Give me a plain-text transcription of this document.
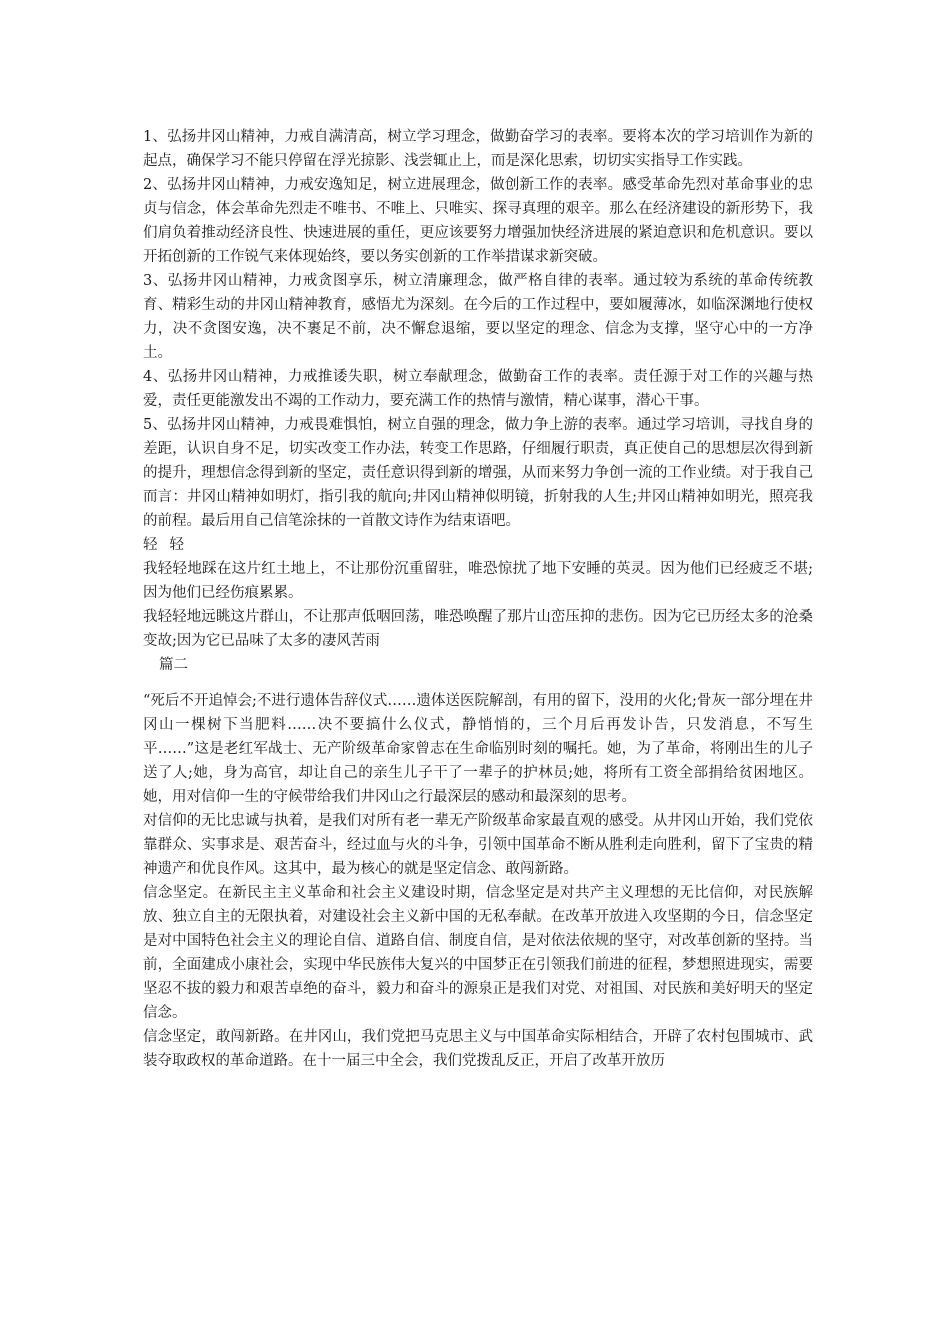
1、弘扬井冈山精神，力戒自满清高，树立学习理念，做勤奋学习的表率。要将本次的学习培训作为新的起点，确保学习不能只停留在浮光掠影、浅尝辄止上，而是深化思索，切切实实指导工作实践。

2、弘扬井冈山精神，力戒安逸知足，树立进展理念，做创新工作的表率。感受革命先烈对革命事业的忠贞与信念，体会革命先烈走不唯书、不唯上、只唯实、探寻真理的艰辛。那么在经济建设的新形势下，我们肩负着推动经济良性、快速进展的重任，更应该要努力增强加快经济进展的紧迫意识和危机意识。要以开拓创新的工作锐气来体现始终，要以务实创新的工作举措谋求新突破。

3、弘扬井冈山精神，力戒贪图享乐，树立清廉理念，做严格自律的表率。通过较为系统的革命传统教育、精彩生动的井冈山精神教育，感悟尤为深刻。在今后的工作过程中，要如履薄冰，如临深渊地行使权力，决不贪图安逸，决不裹足不前，决不懈怠退缩，要以坚定的理念、信念为支撑，坚守心中的一方净土。

4、弘扬井冈山精神，力戒推诿失职，树立奉献理念，做勤奋工作的表率。责任源于对工作的兴趣与热爱，责任更能激发出不竭的工作动力，要充满工作的热情与激情，精心谋事，潜心干事。

5、弘扬井冈山精神，力戒畏难惧怕，树立自强的理念，做力争上游的表率。通过学习培训，寻找自身的差距，认识自身不足，切实改变工作办法，转变工作思路，仔细履行职责，真正使自己的思想层次得到新的提升，理想信念得到新的坚定，责任意识得到新的增强，从而来努力争创一流的工作业绩。对于我自己而言：井冈山精神如明灯，指引我的航向;井冈山精神似明镜，折射我的人生;井冈山精神如明光，照亮我的前程。最后用自己信笔涂抹的一首散文诗作为结束语吧。

轻轻

我轻轻地踩在这片红土地上，不让那份沉重留驻，唯恐惊扰了地下安睡的英灵。因为他们已经疲乏不堪;因为他们已经伤痕累累。

我轻轻地远眺这片群山，不让那声低咽回荡，唯恐唤醒了那片山峦压抑的悲伤。因为它已历经太多的沧桑变故;因为它已品味了太多的凄风苦雨

篇二

“死后不开追悼会;不进行遗体告辞仪式……遗体送医院解剖，有用的留下，没用的火化;骨灰一部分埋在井冈山一棵树下当肥料……决不要搞什么仪式，静悄悄的，三个月后再发讣告，只发消息，不写生平……”这是老红军战士、无产阶级革命家曾志在生命临别时刻的嘱托。她，为了革命，将刚出生的儿子送了人;她，身为高官，却让自己的亲生儿子干了一辈子的护林员;她，将所有工资全部捐给贫困地区。她，用对信仰一生的守候带给我们井冈山之行最深层的感动和最深刻的思考。

对信仰的无比忠诚与执着，是我们对所有老一辈无产阶级革命家最直观的感受。从井冈山开始，我们党依靠群众、实事求是、艰苦奋斗，经过血与火的斗争，引领中国革命不断从胜利走向胜利，留下了宝贵的精神遗产和优良作风。这其中，最为核心的就是坚定信念、敢闯新路。

信念坚定。在新民主主义革命和社会主义建设时期，信念坚定是对共产主义理想的无比信仰，对民族解放、独立自主的无限执着，对建设社会主义新中国的无私奉献。在改革开放进入攻坚期的今日，信念坚定是对中国特色社会主义的理论自信、道路自信、制度自信，是对依法依规的坚守，对改革创新的坚持。当前，全面建成小康社会，实现中华民族伟大复兴的中国梦正在引领我们前进的征程，梦想照进现实，需要坚忍不拔的毅力和艰苦卓绝的奋斗，毅力和奋斗的源泉正是我们对党、对祖国、对民族和美好明天的坚定信念。

信念坚定，敢闯新路。在井冈山，我们党把马克思主义与中国革命实际相结合，开辟了农村包围城市、武装夺取政权的革命道路。在十一届三中全会，我们党拨乱反正，开启了改革开放历
